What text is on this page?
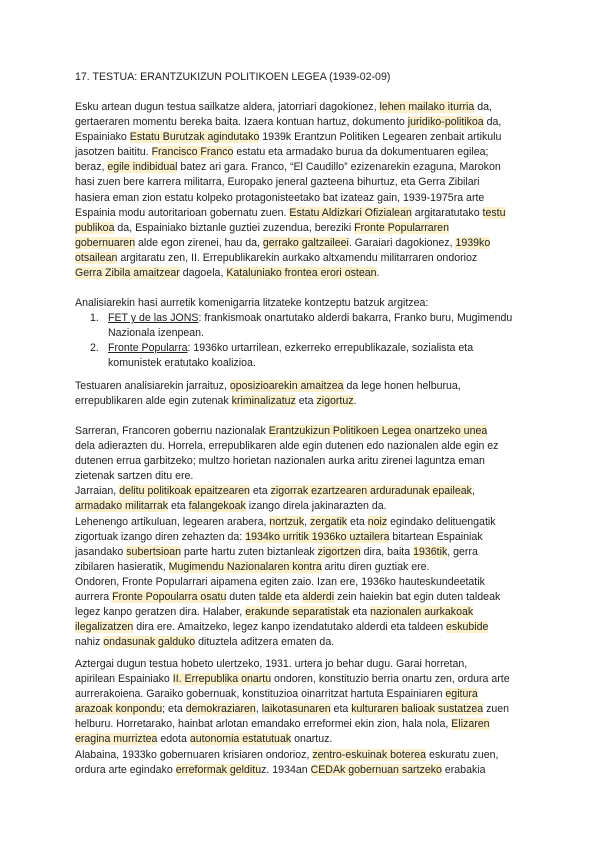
17. TESTUA: ERANTZUKIZUN POLITIKOEN LEGEA (1939-02-09)
Esku artean dugun testua sailkatze aldera, jatorriari dagokionez, lehen mailako iturria da,
gertaeraren momentu bereka baita. Izaera kontuan hartuz, dokumento juridiko-politikoa da,
Espainiako Estatu Burutzak agindutako 1939k Erantzun Politiken Legearen zenbait artikulu
jasotzen baititu. Francisco Franco estatu eta armadako burua da dokumentuaren egilea;
beraz, egile indibidual batez ari gara. Franco, “El Caudillo” ezizenarekin ezaguna, Marokon
hasi zuen bere karrera militarra, Europako jeneral gazteena bihurtuz, eta Gerra Zibilari
hasiera eman zion estatu kolpeko protagonisteetako bat izateaz gain, 1939-1975ra arte
Espainia modu autoritarioan gobernatu zuen. Estatu Aldizkari Ofizialean argitaratutako testu
publikoa da, Espainiako biztanle guztiei zuzendua, bereziki Fronte Popularraren
gobernuaren alde egon zirenei, hau da, gerrako galtzaileei. Garaiari dagokionez, 1939ko
otsailean argitaratu zen, II. Errepublikarekin aurkako altxamendu militarraren ondorioz
Gerra Zibila amaitzear dagoela, Kataluniako frontea erori ostean.
Analisiarekin hasi aurretik komenigarria litzateke kontzeptu batzuk argitzea:
1. FET y de las JONS: frankismoak onartutako alderdi bakarra, Franko buru, Mugimendu
Nazionala izenpean.
2. Fronte Popularra: 1936ko urtarrilean, ezkerreko errepublikazale, sozialista eta
komunistek eratutako koalizioa.
Testuaren analisiarekin jarraituz, oposizioarekin amaitzea da lege honen helburua,
errepublikaren alde egin zutenak kriminalizatuz eta zigortuz.
Sarreran, Francoren gobernu nazionalak Erantzukizun Politikoen Legea onartzeko unea
dela adierazten du. Horrela, errepublikaren alde egin dutenen edo nazionalen alde egin ez
dutenen errua garbitzeko; multzo horietan nazionalen aurka aritu zirenei laguntza eman
zietenak sartzen ditu ere.
Jarraian, delitu politikoak epaitzearen eta zigorrak ezartzearen arduradunak epaileak,
armadako militarrak eta falangekoak izango direla jakinarazten da.
Lehenengo artikuluan, legearen arabera, nortzuk, zergatik eta noiz egindako delituengatik
zigortuak izango diren zehazten da: 1934ko urritik 1936ko uztailera bitartean Espainiak
jasandako subertsioan parte hartu zuten biztanleak zigortzen dira, baita 1936tik, gerra
zibilaren hasieratik, Mugimendu Nazionalaren kontra aritu diren guztiak ere.
Ondoren, Fronte Popularrari aipamena egiten zaio. Izan ere, 1936ko hauteskundeetatik
aurrera Fronte Popoularra osatu duten talde eta alderdi zein haiekin bat egin duten taldeak
legez kanpo geratzen dira. Halaber, erakunde separatistak eta nazionalen aurkakoak
ilegalizatzen dira ere. Amaitzeko, legez kanpo izendatutako alderdi eta taldeen eskubide
nahiz ondasunak galduko dituztela aditzera ematen da.
Aztergai dugun testua hobeto ulertzeko, 1931. urtera jo behar dugu. Garai horretan,
apirilean Espainiako II. Errepublika onartu ondoren, konstituzio berria onartu zen, ordura arte
aurrerakoiena. Garaiko gobernuak, konstituzioa oinarritzat hartuta Espainiaren egitura
arazoak konpondu; eta demokraziaren, laikotasunaren eta kulturaren balioak sustatzea zuen
helburu. Horretarako, hainbat arlotan emandako erreformei ekin zion, hala nola, Elizaren
eragina murriztea edota autonomia estatutuak onartuz.
Alabaina, 1933ko gobernuaren krisiaren ondorioz, zentro-eskuinak boterea eskuratu zuen,
ordura arte egindako erreformak geldituz. 1934an CEDAk gobernuan sartzeko erabakia
